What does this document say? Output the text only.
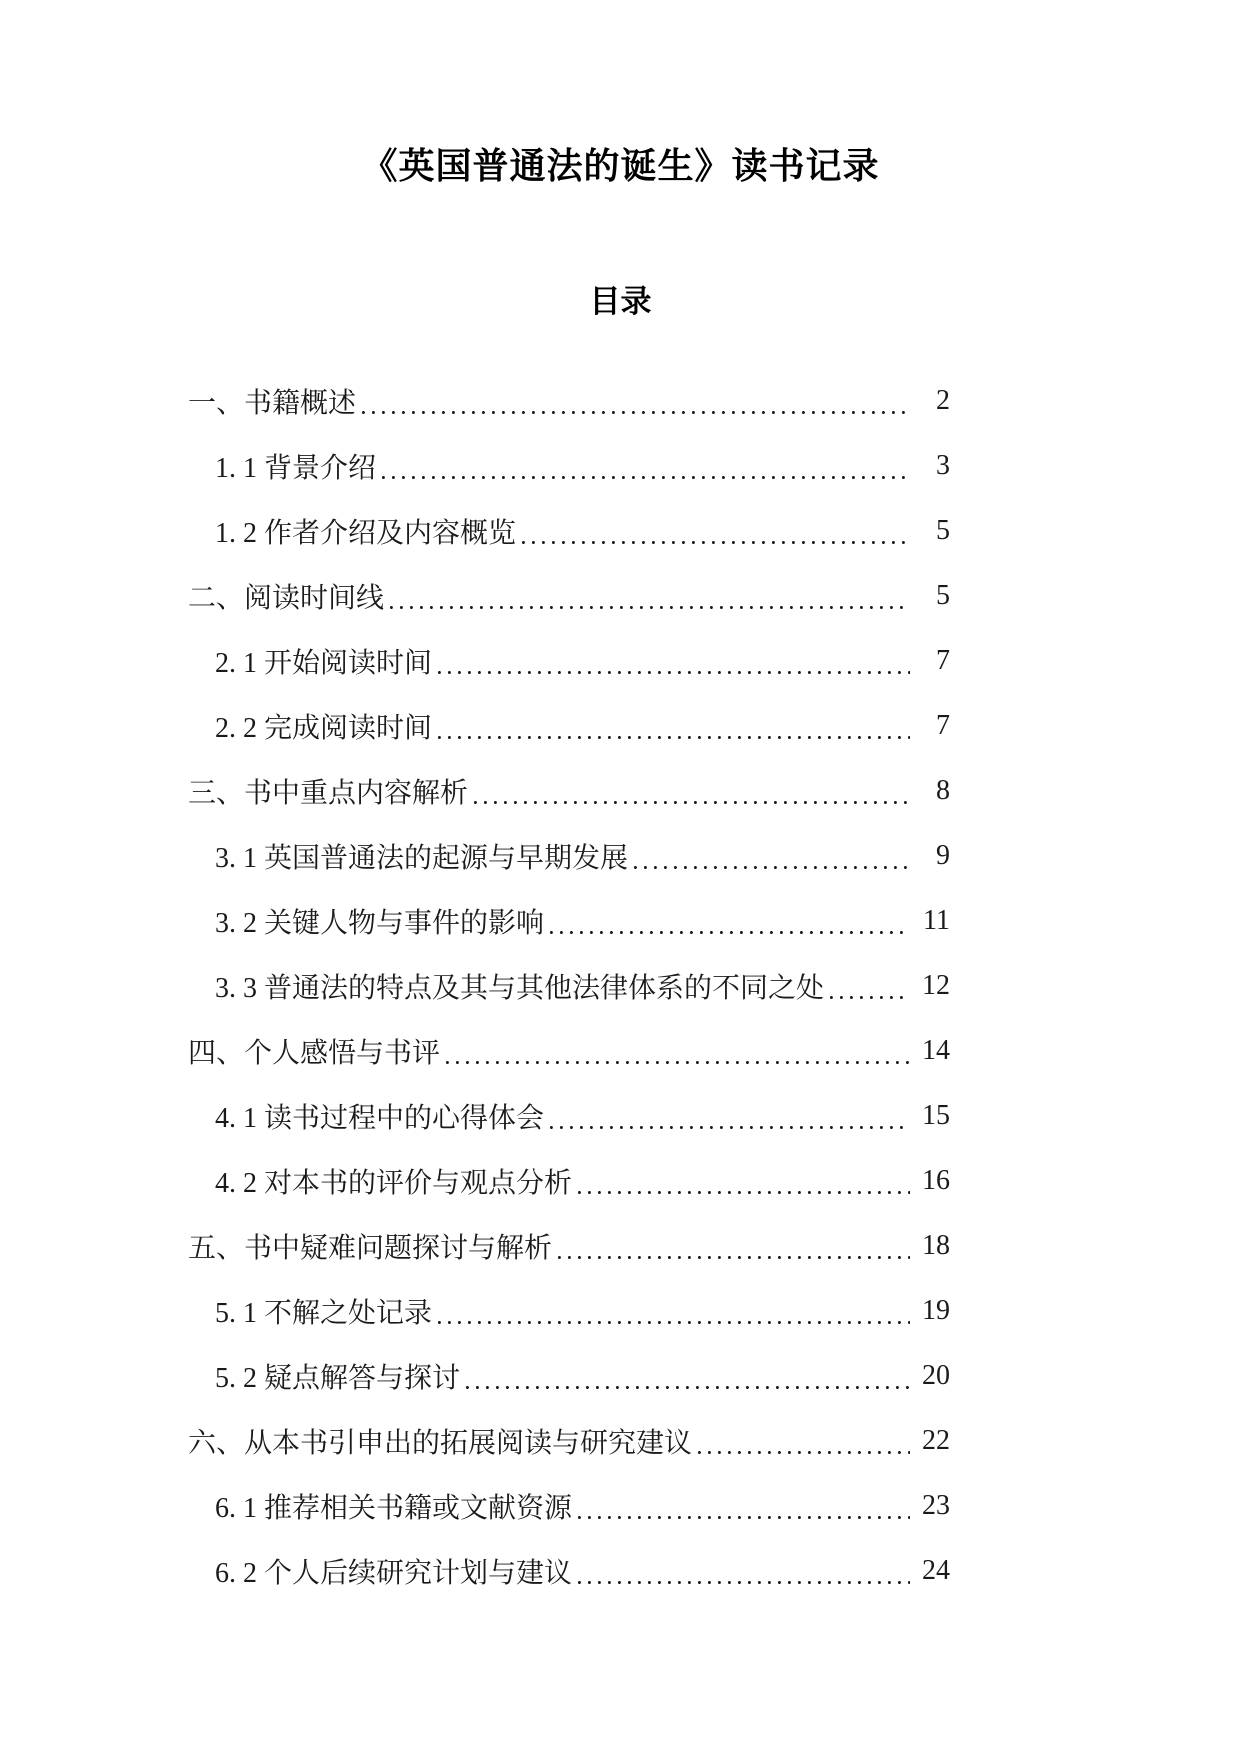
《英国普通法的诞生》读书记录
目录
一、书籍概述	2
1. 1 背景介绍	3
1. 2 作者介绍及内容概览	5
二、阅读时间线	5
2. 1 开始阅读时间	7
2. 2 完成阅读时间	7
三、书中重点内容解析	8
3. 1 英国普通法的起源与早期发展	9
3. 2 关键人物与事件的影响	11
3. 3 普通法的特点及其与其他法律体系的不同之处	12
四、个人感悟与书评	14
4. 1 读书过程中的心得体会	15
4. 2 对本书的评价与观点分析	16
五、书中疑难问题探讨与解析	18
5. 1 不解之处记录	19
5. 2 疑点解答与探讨	20
六、从本书引申出的拓展阅读与研究建议	22
6. 1 推荐相关书籍或文献资源	23
6. 2 个人后续研究计划与建议	24
